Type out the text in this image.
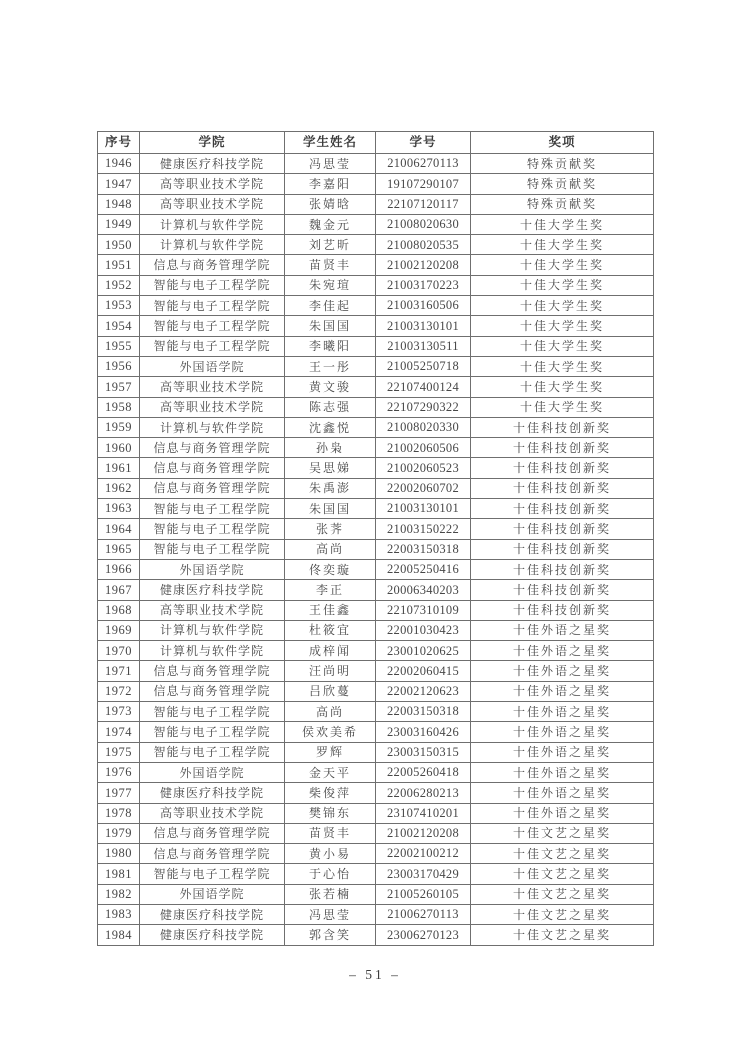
序号	学院	学生姓名	学号	奖项
1946	健康医疗科技学院	冯思莹	21006270113	特殊贡献奖
1947	高等职业技术学院	李嘉阳	19107290107	特殊贡献奖
1948	高等职业技术学院	张婧晗	22107120117	特殊贡献奖
1949	计算机与软件学院	魏金元	21008020630	十佳大学生奖
1950	计算机与软件学院	刘艺昕	21008020535	十佳大学生奖
1951	信息与商务管理学院	苗贤丰	21002120208	十佳大学生奖
1952	智能与电子工程学院	朱宛瑄	21003170223	十佳大学生奖
1953	智能与电子工程学院	李佳起	21003160506	十佳大学生奖
1954	智能与电子工程学院	朱国国	21003130101	十佳大学生奖
1955	智能与电子工程学院	李曦阳	21003130511	十佳大学生奖
1956	外国语学院	王一彤	21005250718	十佳大学生奖
1957	高等职业技术学院	黄文骏	22107400124	十佳大学生奖
1958	高等职业技术学院	陈志强	22107290322	十佳大学生奖
1959	计算机与软件学院	沈鑫悦	21008020330	十佳科技创新奖
1960	信息与商务管理学院	孙枭	21002060506	十佳科技创新奖
1961	信息与商务管理学院	吴思娣	21002060523	十佳科技创新奖
1962	信息与商务管理学院	朱禹澎	22002060702	十佳科技创新奖
1963	智能与电子工程学院	朱国国	21003130101	十佳科技创新奖
1964	智能与电子工程学院	张荠	21003150222	十佳科技创新奖
1965	智能与电子工程学院	高尚	22003150318	十佳科技创新奖
1966	外国语学院	佟奕璇	22005250416	十佳科技创新奖
1967	健康医疗科技学院	李正	20006340203	十佳科技创新奖
1968	高等职业技术学院	王佳鑫	22107310109	十佳科技创新奖
1969	计算机与软件学院	杜筱宜	22001030423	十佳外语之星奖
1970	计算机与软件学院	成梓闻	23001020625	十佳外语之星奖
1971	信息与商务管理学院	汪尚明	22002060415	十佳外语之星奖
1972	信息与商务管理学院	吕欣蔓	22002120623	十佳外语之星奖
1973	智能与电子工程学院	高尚	22003150318	十佳外语之星奖
1974	智能与电子工程学院	侯欢美希	23003160426	十佳外语之星奖
1975	智能与电子工程学院	罗辉	23003150315	十佳外语之星奖
1976	外国语学院	金天平	22005260418	十佳外语之星奖
1977	健康医疗科技学院	柴俊萍	22006280213	十佳外语之星奖
1978	高等职业技术学院	樊锦东	23107410201	十佳外语之星奖
1979	信息与商务管理学院	苗贤丰	21002120208	十佳文艺之星奖
1980	信息与商务管理学院	黄小易	22002100212	十佳文艺之星奖
1981	智能与电子工程学院	于心怡	23003170429	十佳文艺之星奖
1982	外国语学院	张若楠	21005260105	十佳文艺之星奖
1983	健康医疗科技学院	冯思莹	21006270113	十佳文艺之星奖
1984	健康医疗科技学院	郭含笑	23006270123	十佳文艺之星奖
– 51 –
